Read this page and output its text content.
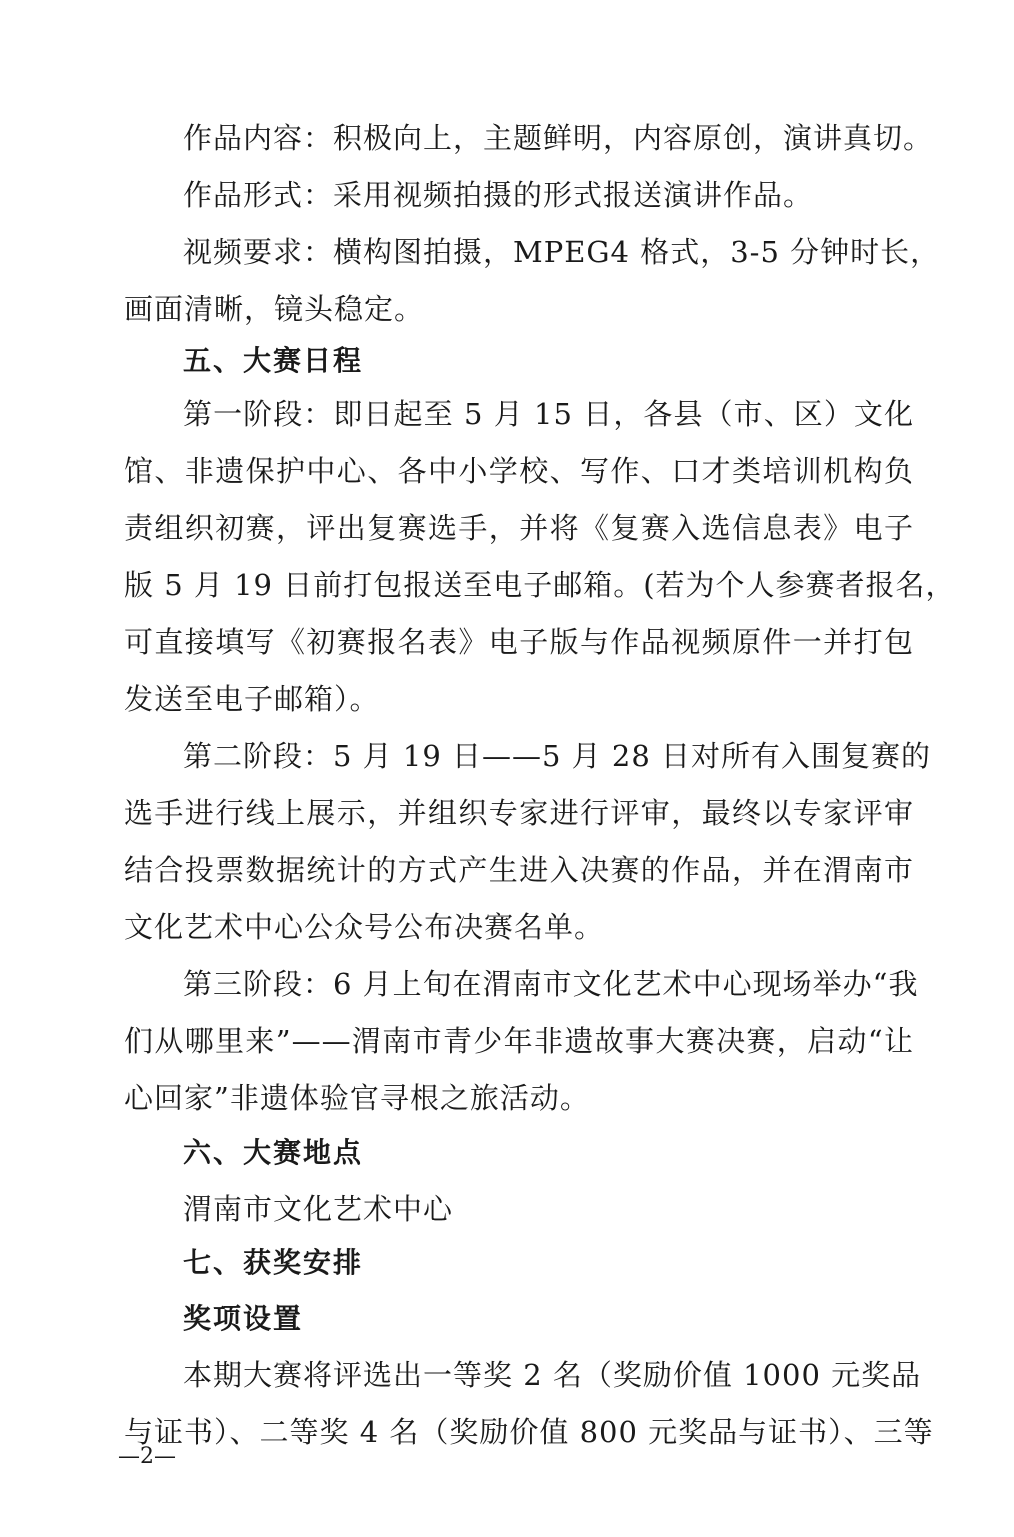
作品内容：积极向上，主题鲜明，内容原创，演讲真切。
作品形式：采用视频拍摄的形式报送演讲作品。
视频要求：横构图拍摄，MPEG4 格式，3-5 分钟时长，
画面清晰，镜头稳定。
五、大赛日程
第一阶段：即日起至 5 月 15 日，各县（市、区）文化
馆、非遗保护中心、各中小学校、写作、口才类培训机构负
责组织初赛，评出复赛选手，并将《复赛入选信息表》电子
版 5 月 19 日前打包报送至电子邮箱。(若为个人参赛者报名，
可直接填写《初赛报名表》电子版与作品视频原件一并打包
发送至电子邮箱）。
第二阶段：5 月 19 日——5 月 28 日对所有入围复赛的
选手进行线上展示，并组织专家进行评审，最终以专家评审
结合投票数据统计的方式产生进入决赛的作品，并在渭南市
文化艺术中心公众号公布决赛名单。
第三阶段：6 月上旬在渭南市文化艺术中心现场举办“我
们从哪里来”——渭南市青少年非遗故事大赛决赛，启动“让
心回家”非遗体验官寻根之旅活动。
六、大赛地点
渭南市文化艺术中心
七、获奖安排
奖项设置
本期大赛将评选出一等奖 2 名（奖励价值 1000 元奖品
与证书）、二等奖 4 名（奖励价值 800 元奖品与证书）、三等
—2—
